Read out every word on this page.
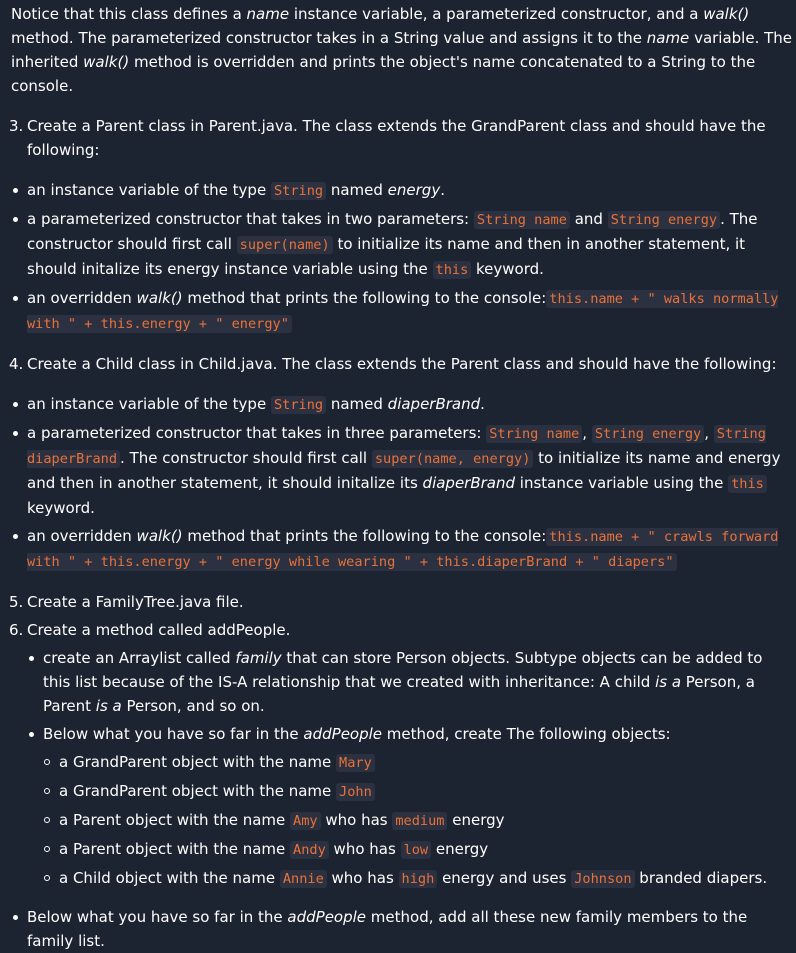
Notice that this class defines a name instance variable, a parameterized constructor, and a walk() method. The parameterized constructor takes in a String value and assigns it to the name variable. The inherited walk() method is overridden and prints the object's name concatenated to a String to the console.

3. Create a Parent class in Parent.java. The class extends the GrandParent class and should have the following:
an instance variable of the type String named energy.
a parameterized constructor that takes in two parameters: String name and String energy . The constructor should first call super(name) to initialize its name and then in another statement, it should initalize its energy instance variable using the this keyword.
an overridden walk() method that prints the following to the console: this.name + " walks normally with " + this.energy + " energy"
4. Create a Child class in Child.java. The class extends the Parent class and should have the following:
an instance variable of the type String named diaperBrand.
a parameterized constructor that takes in three parameters: String name , String energy , String diaperBrand . The constructor should first call super(name, energy) to initialize its name and energy and then in another statement, it should initalize its diaperBrand instance variable using the this keyword.
an overridden walk() method that prints the following to the console: this.name + " crawls forward with " + this.energy + " energy while wearing " + this.diaperBrand + " diapers"
5. Create a FamilyTree.java file.
6. Create a method called addPeople.
create an Arraylist called family that can store Person objects. Subtype objects can be added to this list because of the IS-A relationship that we created with inheritance: A child is a Person, a Parent is a Person, and so on.
Below what you have so far in the addPeople method, create The following objects:
a GrandParent object with the name Mary
a GrandParent object with the name John
a Parent object with the name Amy who has medium energy
a Parent object with the name Andy who has low energy
a Child object with the name Annie who has high energy and uses Johnson branded diapers.
Below what you have so far in the addPeople method, add all these new family members to the family list.
